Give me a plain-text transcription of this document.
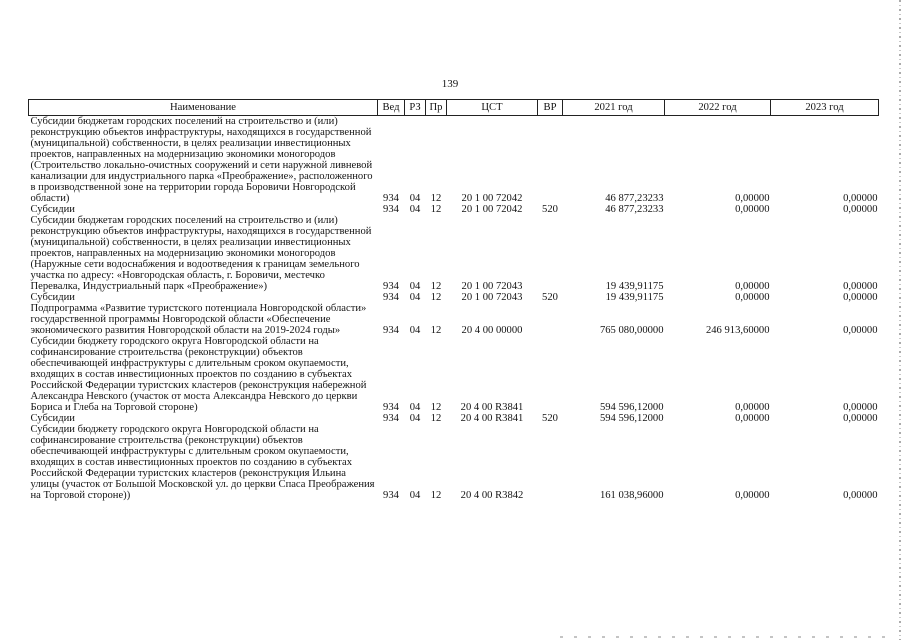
139
Наименование	Вед	РЗ	Пр	ЦСТ	ВР	2021 год	2022 год	2023 год
Субсидии бюджетам городских поселений на строительство и (или) реконструкцию объектов инфраструктуры, находящихся в государственной (муниципальной) собственности, в целях реализации инвестиционных проектов, направленных на модернизацию экономики моногородов (Строительство локально-очистных сооружений и сети наружной ливневой канализации для индустриального парка «Преображение», расположенного в производственной зоне на территории города Боровичи Новгородской области)	934	04	12	20 1 00 72042		46 877,23233	0,00000	0,00000
Субсидии	934	04	12	20 1 00 72042	520	46 877,23233	0,00000	0,00000
Субсидии бюджетам городских поселений на строительство и (или) реконструкцию объектов инфраструктуры, находящихся в государственной (муниципальной) собственности, в целях реализации инвестиционных проектов, направленных на модернизацию экономики моногородов (Наружные сети водоснабжения и водоотведения к границам земельного участка по адресу: «Новгородская область, г. Боровичи, местечко Перевалка, Индустриальный парк «Преображение»)	934	04	12	20 1 00 72043		19 439,91175	0,00000	0,00000
Субсидии	934	04	12	20 1 00 72043	520	19 439,91175	0,00000	0,00000
Подпрограмма «Развитие туристского потенциала Новгородской области» государственной программы Новгородской области «Обеспечение экономического развития Новгородской области на 2019-2024 годы»	934	04	12	20 4 00 00000		765 080,00000	246 913,60000	0,00000
Субсидии бюджету городского округа Новгородской области на софинансирование строительства (реконструкции) объектов обеспечивающей инфраструктуры с длительным сроком окупаемости, входящих в состав инвестиционных проектов по созданию в субъектах Российской Федерации туристских кластеров (реконструкция набережной Александра Невского (участок от моста Александра Невского до церкви Бориса и Глеба на Торговой стороне)	934	04	12	20 4 00 R3841		594 596,12000	0,00000	0,00000
Субсидии	934	04	12	20 4 00 R3841	520	594 596,12000	0,00000	0,00000
Субсидии бюджету городского округа Новгородской области на софинансирование строительства (реконструкции) объектов обеспечивающей инфраструктуры с длительным сроком окупаемости, входящих в состав инвестиционных проектов по созданию в субъектах Российской Федерации туристских кластеров (реконструкция Ильина улицы (участок от Большой Московской ул. до церкви Спаса Преображения на Торговой стороне))	934	04	12	20 4 00 R3842		161 038,96000	0,00000	0,00000
